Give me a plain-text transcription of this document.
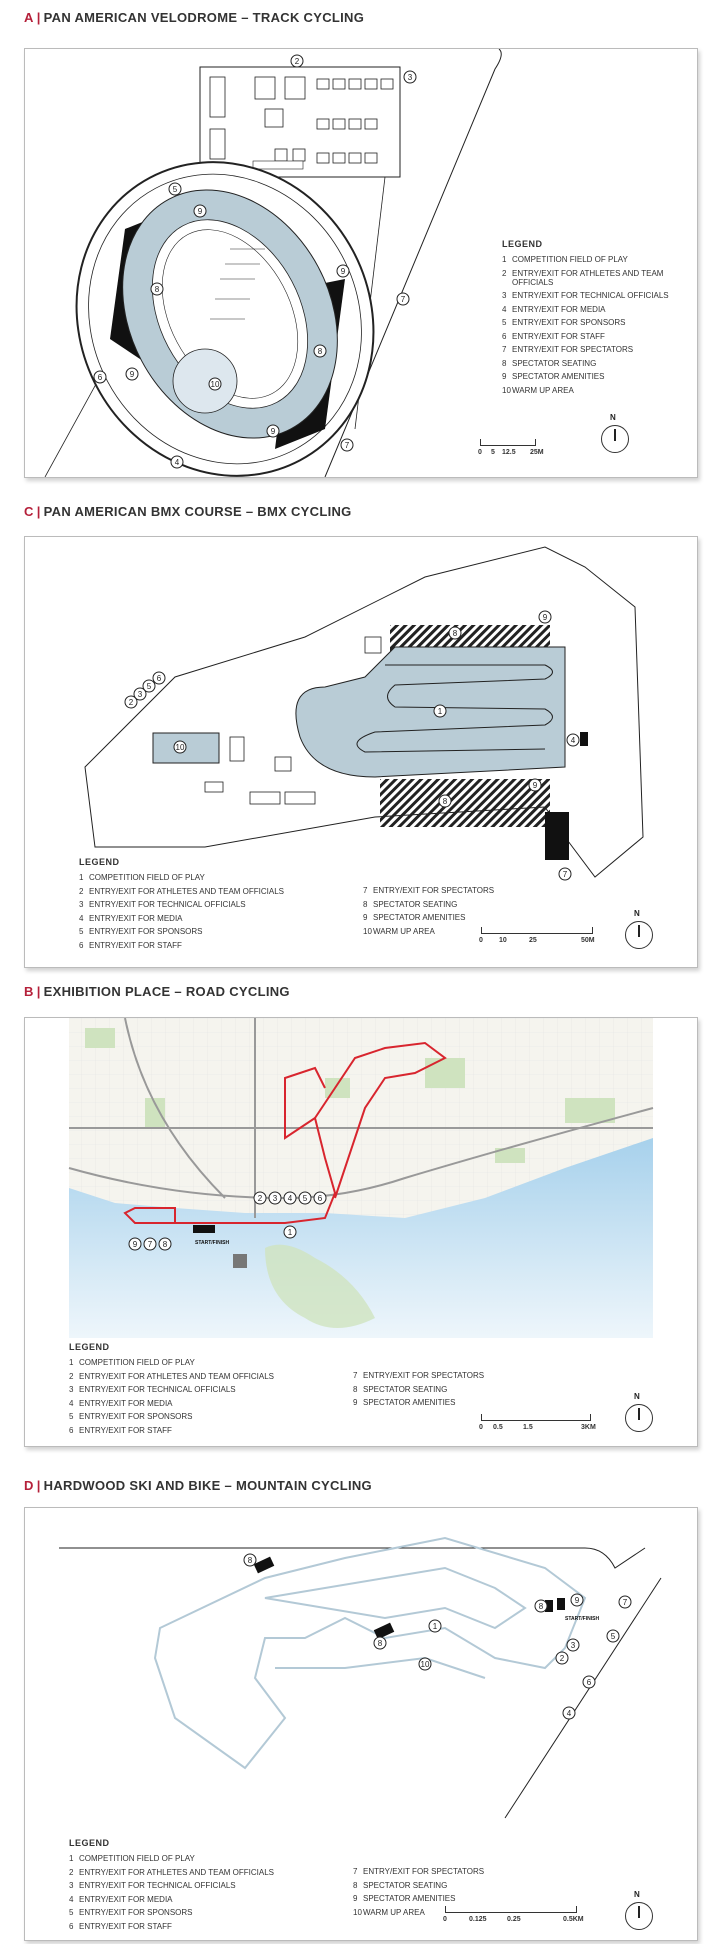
A | PAN AMERICAN VELODROME – TRACK CYCLING
2
3
5
9
8
6	9
10
9
4
7
7
8
9
LEGEND
1 COMPETITION FIELD OF PLAY
2 ENTRY/EXIT FOR ATHLETES AND TEAM OFFICIALS
3 ENTRY/EXIT FOR TECHNICAL OFFICIALS
4 ENTRY/EXIT FOR MEDIA
5 ENTRY/EXIT FOR SPONSORS
6 ENTRY/EXIT FOR STAFF
7 ENTRY/EXIT FOR SPECTATORS
8 SPECTATOR SEATING
9 SPECTATOR AMENITIES
10 WARM UP AREA
0 5 12.5 25M
N
C | PAN AMERICAN BMX COURSE – BMX CYCLING
8
9
1
10
8
9
4
7
2
3
5
6
LEGEND
1 COMPETITION FIELD OF PLAY
2 ENTRY/EXIT FOR ATHLETES AND TEAM OFFICIALS
3 ENTRY/EXIT FOR TECHNICAL OFFICIALS
4 ENTRY/EXIT FOR MEDIA
5 ENTRY/EXIT FOR SPONSORS
6 ENTRY/EXIT FOR STAFF
7 ENTRY/EXIT FOR SPECTATORS
8 SPECTATOR SEATING
9 SPECTATOR AMENITIES
10 WARM UP AREA
0 10	25	50M
N
B | EXHIBITION PLACE – ROAD CYCLING
START/FINISH
2 3 4 5 6
1
9 7 8
LEGEND
1 COMPETITION FIELD OF PLAY
2 ENTRY/EXIT FOR ATHLETES AND TEAM OFFICIALS
3 ENTRY/EXIT FOR TECHNICAL OFFICIALS
4 ENTRY/EXIT FOR MEDIA
5 ENTRY/EXIT FOR SPONSORS
6 ENTRY/EXIT FOR STAFF
7 ENTRY/EXIT FOR SPECTATORS
8 SPECTATOR SEATING
9 SPECTATOR AMENITIES
0 0.5	1.5	3KM
N
D | HARDWOOD SKI AND BIKE – MOUNTAIN CYCLING
START/FINISH
8
8
1
10
8
9	7
5
3
2
6
4
LEGEND
1 COMPETITION FIELD OF PLAY
2 ENTRY/EXIT FOR ATHLETES AND TEAM OFFICIALS
3 ENTRY/EXIT FOR TECHNICAL OFFICIALS
4 ENTRY/EXIT FOR MEDIA
5 ENTRY/EXIT FOR SPONSORS
6 ENTRY/EXIT FOR STAFF
7 ENTRY/EXIT FOR SPECTATORS
8 SPECTATOR SEATING
9 SPECTATOR AMENITIES
10 WARM UP AREA
0	0.125	0.25	0.5KM
N
